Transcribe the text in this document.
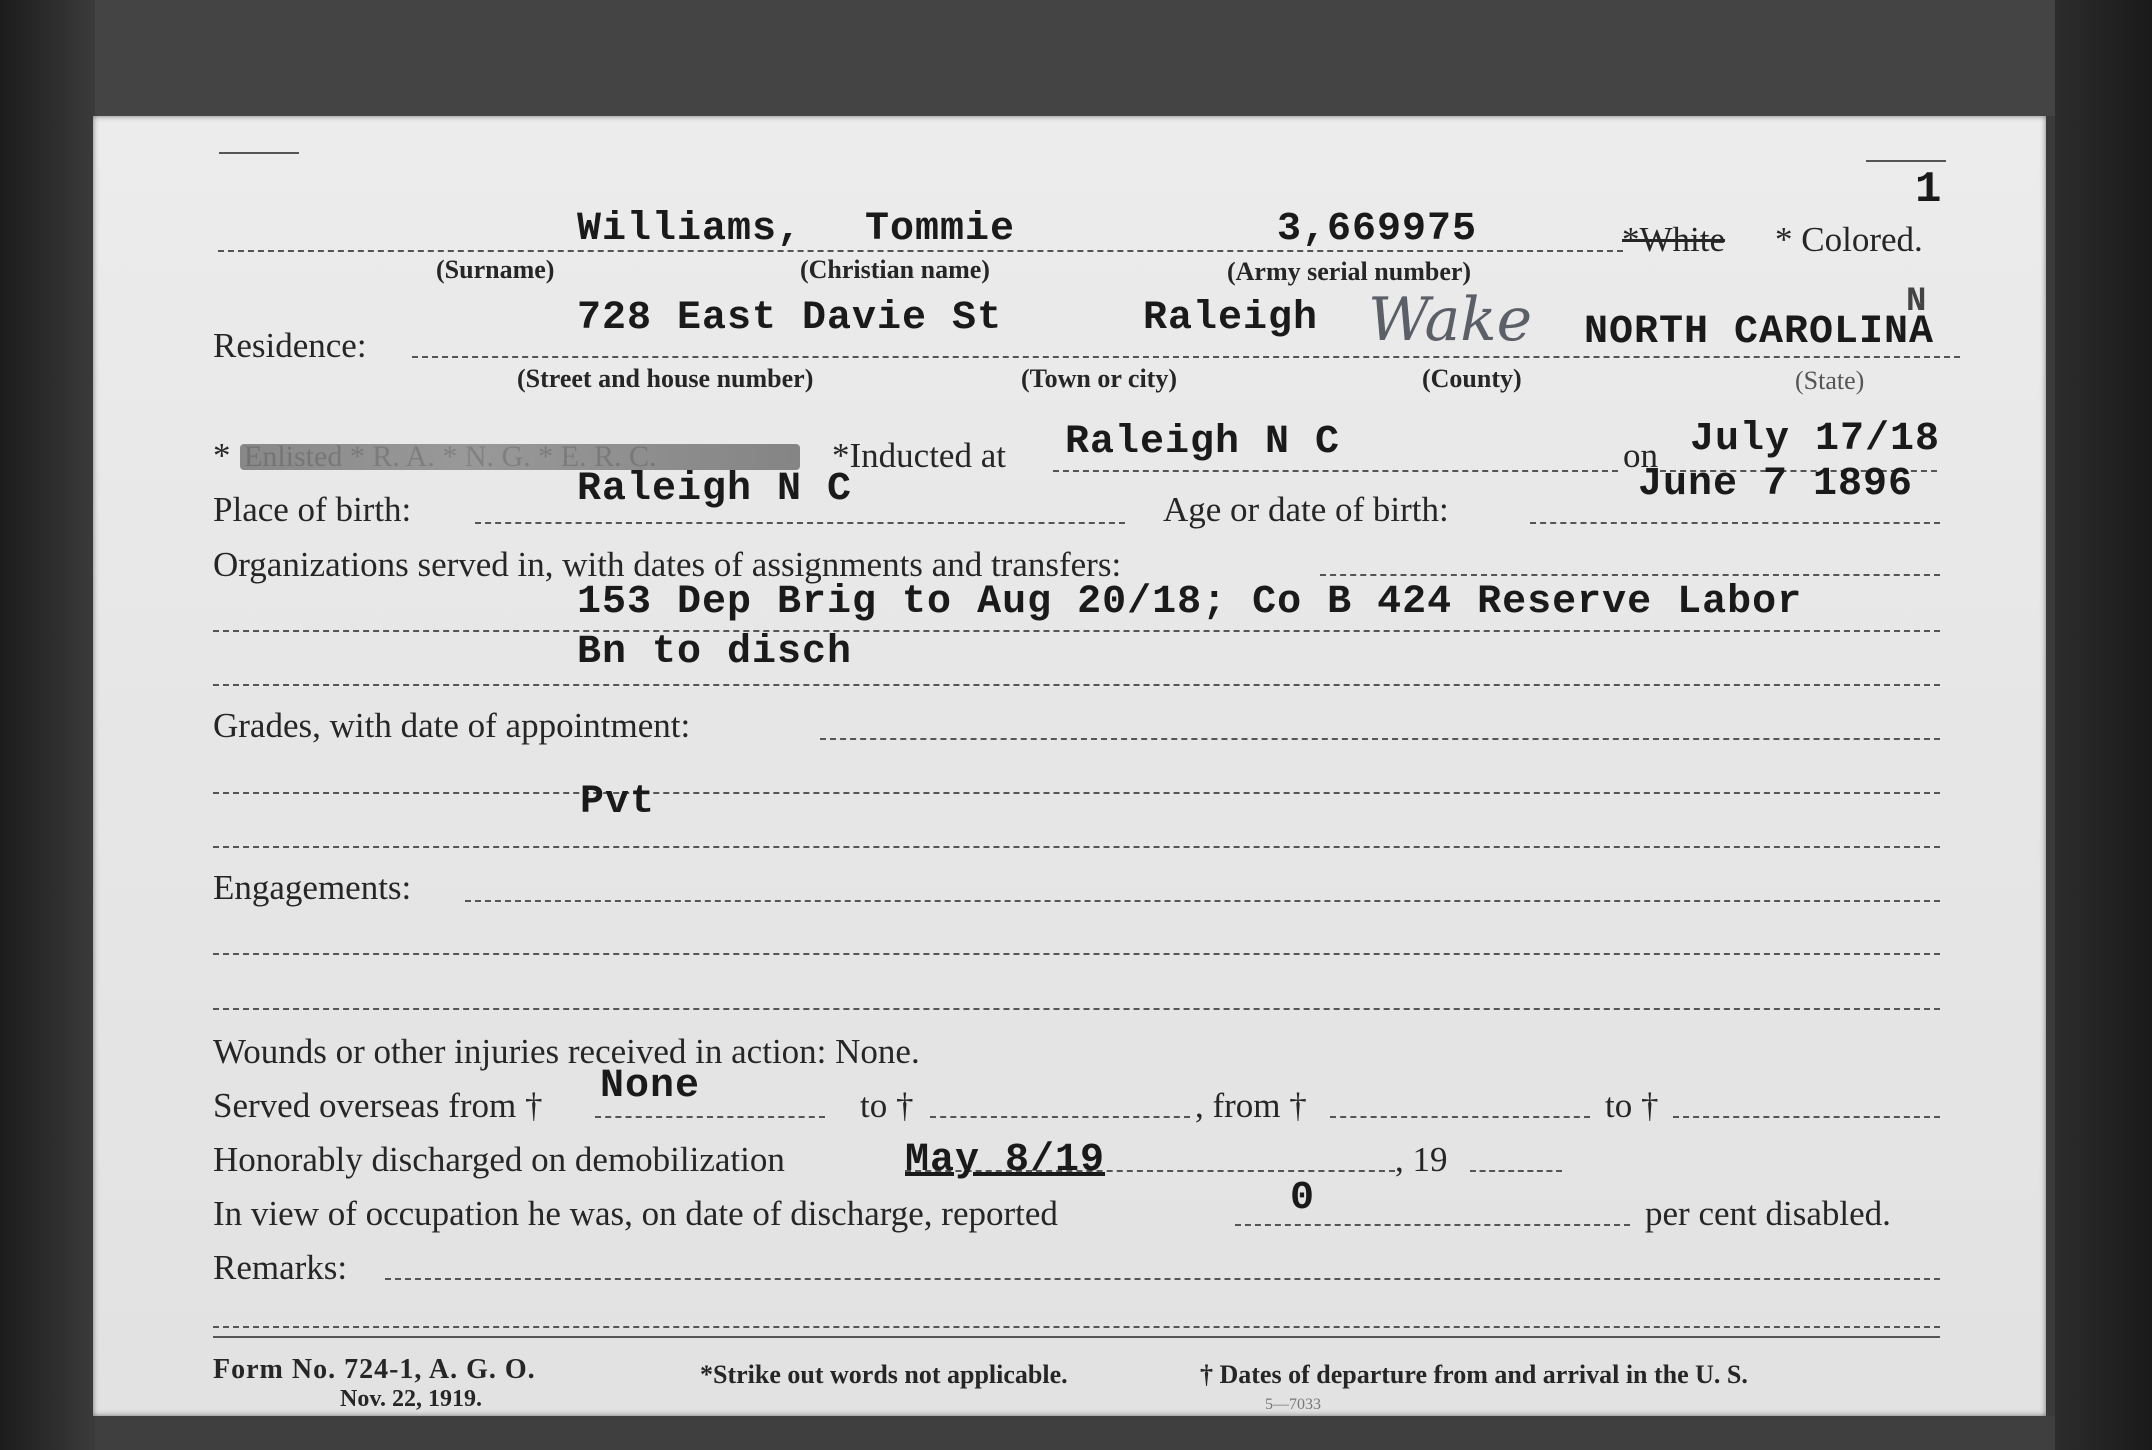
1
Williams, Tommie	3,669975	*White * Colored.
(Surname)	(Christian name)	(Army serial number)
Residence:
728 East Davie St	Raleigh Wake NORTH CAROLINA
N
(Street and house number)	(Town or city)	(County)	(State)
*	*Inducted at Raleigh N C	on July 17/18
Place of birth:	Raleigh N C	Age or date of birth:
June 7 1896
Organizations served in, with dates of assignments and transfers:
153 Dep Brig to Aug 20/18; Co B 424 Reserve Labor
Bn to disch
Grades, with date of appointment:
Pvt
Engagements:
Wounds or other injuries received in action: None.
Served overseas from † None	to †	, from †	to †
Honorably discharged on demobilization	May 8/19	, 19
In view of occupation he was, on date of discharge, reported	0	per cent disabled.
Remarks:
Form No. 724-1, A. G. O.
Nov. 22, 1919.
*Strike out words not applicable.	† Dates of departure from and arrival in the U. S.
5—7033
